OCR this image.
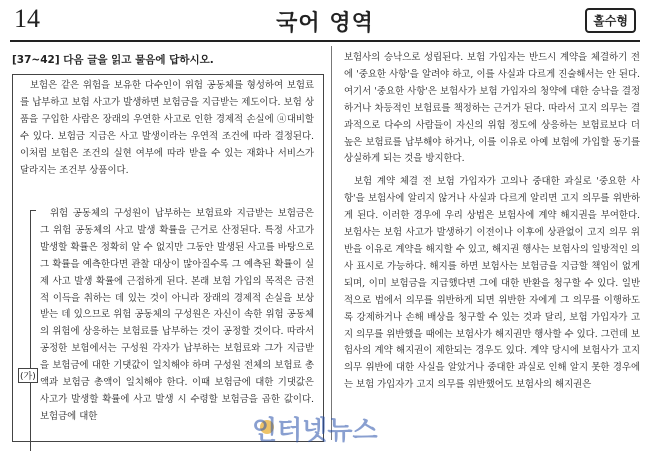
14	국어 영역	홀수형
[37~42] 다음 글을 읽고 물음에 답하시오.

보험은 같은 위험을 보유한 다수인이 위험 공동체를 형성하여 보험료를 납부하고 보험 사고가 발생하면 보험금을 지급받는 제도이다. 보험 상품을 구입한 사람은 장래의 우연한 사고로 인한 경제적 손실에 ⓐ대비할 수 있다. 보험금 지급은 사고 발생이라는 우연적 조건에 따라 결정된다. 이처럼 보험은 조건의 실현 여부에 따라 받을 수 있는 재화나 서비스가 달라지는 조건부 상품이다.

(가)

위험 공동체의 구성원이 납부하는 보험료와 지급받는 보험금은 그 위험 공동체의 사고 발생 확률을 근거로 산정된다. 특정 사고가 발생할 확률은 정확히 알 수 없지만 그동안 발생된 사고를 바탕으로 그 확률을 예측한다면 관찰 대상이 많아질수록 그 예측된 확률이 실제 사고 발생 확률에 근접하게 된다. 본래 보험 가입의 목적은 금전적 이득을 취하는 데 있는 것이 아니라 장래의 경제적 손실을 보상받는 데 있으므로 위험 공동체의 구성원은 자신이 속한 위험 공동체의 위험에 상응하는 보험료를 납부하는 것이 공정할 것이다. 따라서 공정한 보험에서는 구성원 각자가 납부하는 보험료와 그가 지급받을 보험금에 대한 기댓값이 일치해야 하며 구성원 전체의 보험료 총액과 보험금 총액이 일치해야 한다. 이때 보험금에 대한 기댓값은 사고가 발생할 확률에 사고 발생 시 수령할 보험금을 곱한 값이다. 보험금에 대한

보험사의 승낙으로 성립된다. 보험 가입자는 반드시 계약을 체결하기 전에 '중요한 사항'을 알려야 하고, 이를 사실과 다르게 진술해서는 안 된다. 여기서 '중요한 사항'은 보험사가 보험 가입자의 청약에 대한 승낙을 결정하거나 차등적인 보험료를 책정하는 근거가 된다. 따라서 고지 의무는 결과적으로 다수의 사람들이 자신의 위험 정도에 상응하는 보험료보다 더 높은 보험료를 납부해야 하거나, 이를 이유로 아예 보험에 가입할 동기를 상실하게 되는 것을 방지한다.

보험 계약 체결 전 보험 가입자가 고의나 중대한 과실로 '중요한 사항'을 보험사에 알리지 않거나 사실과 다르게 알리면 고지 의무를 위반하게 된다. 이러한 경우에 우리 상법은 보험사에 계약 해지권을 부여한다. 보험사는 보험 사고가 발생하기 이전이나 이후에 상관없이 고지 의무 위반을 이유로 계약을 해지할 수 있고, 해지권 행사는 보험사의 일방적인 의사 표시로 가능하다. 해지를 하면 보험사는 보험금을 지급할 책임이 없게 되며, 이미 보험금을 지급했다면 그에 대한 반환을 청구할 수 있다. 일반적으로 법에서 의무를 위반하게 되면 위반한 자에게 그 의무를 이행하도록 강제하거나 손해 배상을 청구할 수 있는 것과 달리, 보험 가입자가 고지 의무를 위반했을 때에는 보험사가 해지권만 행사할 수 있다. 그런데 보험사의 계약 해지권이 제한되는 경우도 있다. 계약 당시에 보험사가 고지 의무 위반에 대한 사실을 알았거나 중대한 과실로 인해 알지 못한 경우에는 보험 가입자가 고지 의무를 위반했어도 보험사의 해지권은

인터넷뉴스
